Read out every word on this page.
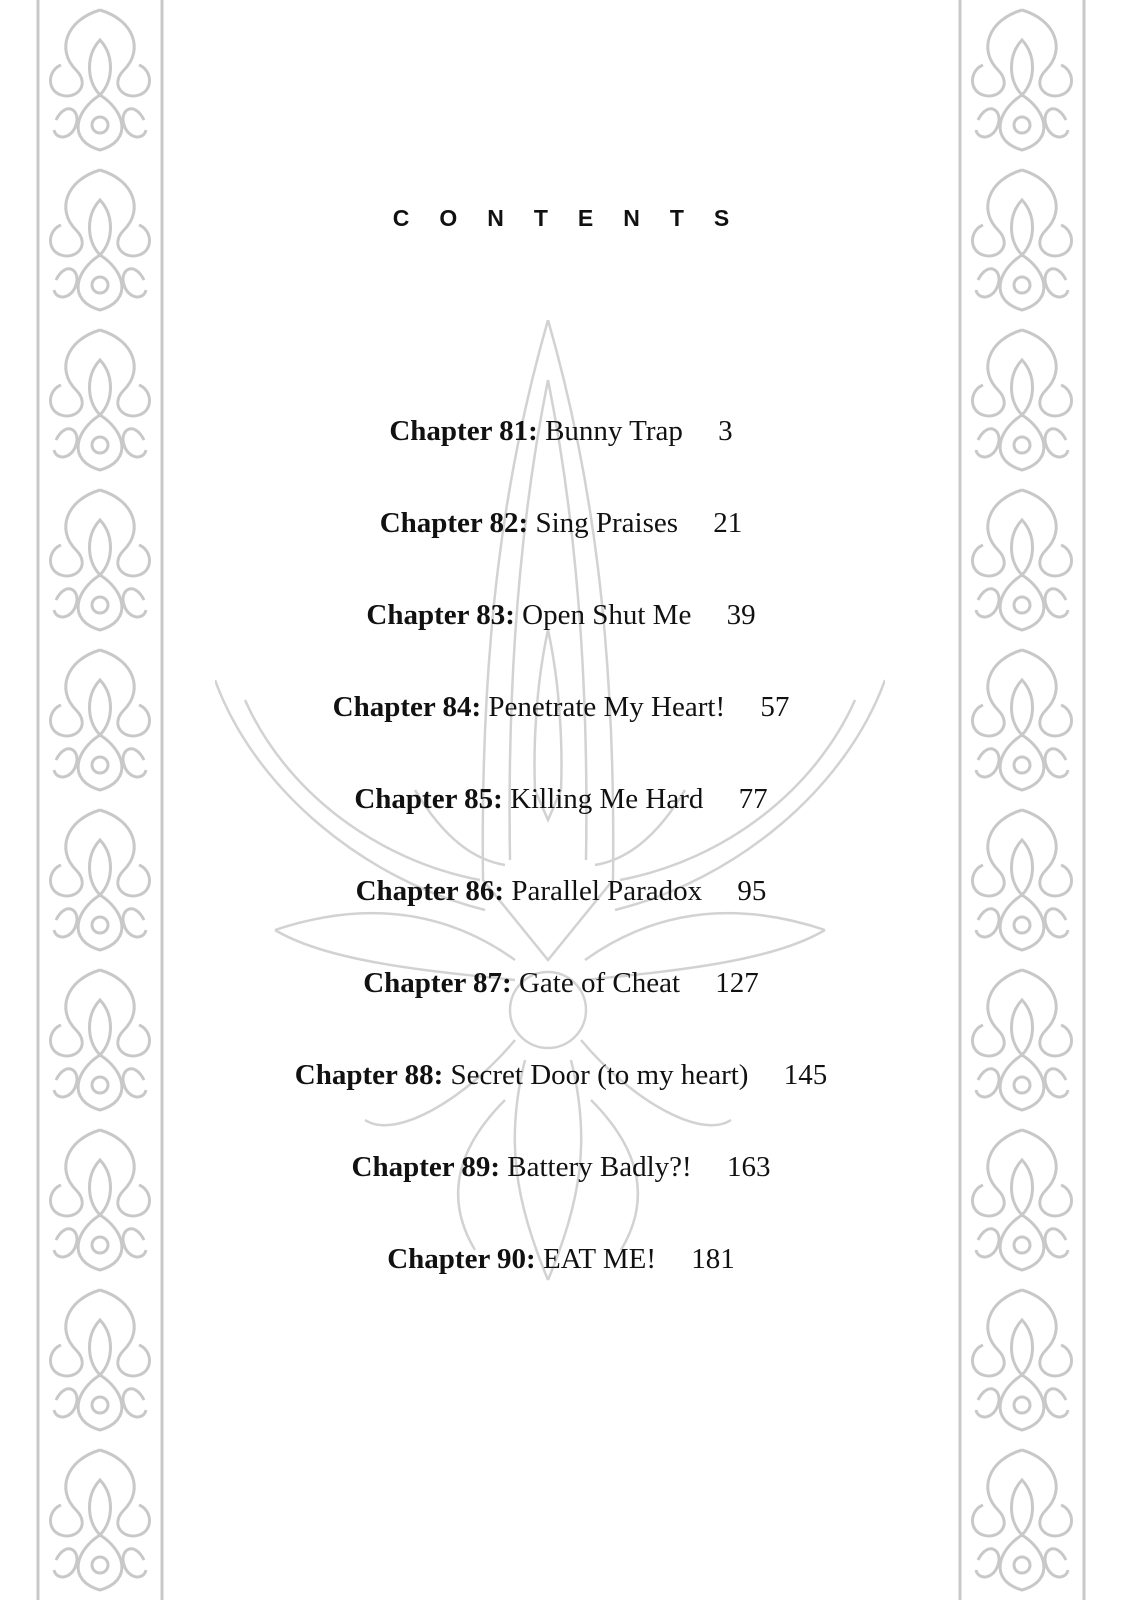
CONTENTS
Chapter 81: Bunny Trap 3
Chapter 82: Sing Praises 21
Chapter 83: Open Shut Me 39
Chapter 84: Penetrate My Heart! 57
Chapter 85: Killing Me Hard 77
Chapter 86: Parallel Paradox 95
Chapter 87: Gate of Cheat 127
Chapter 88: Secret Door (to my heart) 145
Chapter 89: Battery Badly?! 163
Chapter 90: EAT ME! 181
